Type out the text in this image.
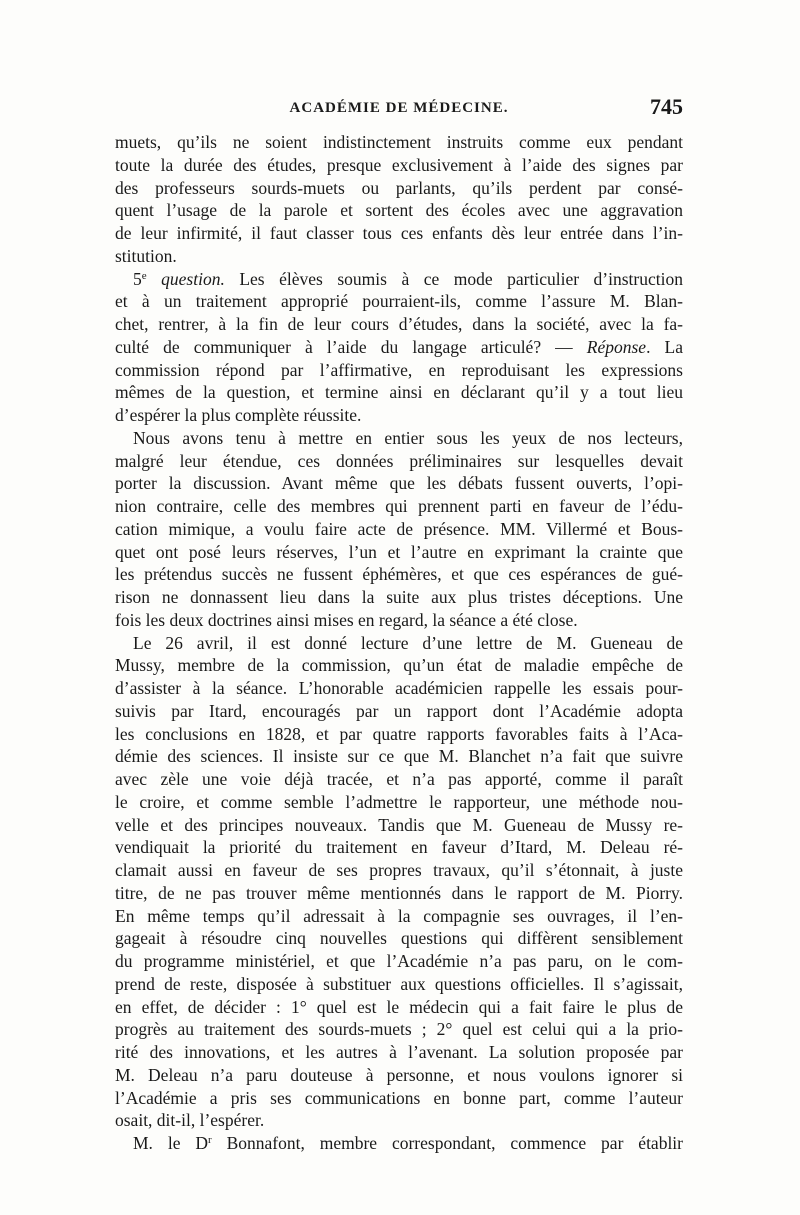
ACADÉMIE DE MÉDECINE.	745
muets, qu’ils ne soient indistinctement instruits comme eux pendant
toute la durée des études, presque exclusivement à l’aide des signes par
des professeurs sourds-muets ou parlants, qu’ils perdent par consé-
quent l’usage de la parole et sortent des écoles avec une aggravation
de leur infirmité, il faut classer tous ces enfants dès leur entrée dans l’in-
stitution.
5e question. Les élèves soumis à ce mode particulier d’instruction
et à un traitement approprié pourraient-ils, comme l’assure M. Blan-
chet, rentrer, à la fin de leur cours d’études, dans la société, avec la fa-
culté de communiquer à l’aide du langage articulé? — Réponse. La
commission répond par l’affirmative, en reproduisant les expressions
mêmes de la question, et termine ainsi en déclarant qu’il y a tout lieu
d’espérer la plus complète réussite.
Nous avons tenu à mettre en entier sous les yeux de nos lecteurs,
malgré leur étendue, ces données préliminaires sur lesquelles devait
porter la discussion. Avant même que les débats fussent ouverts, l’opi-
nion contraire, celle des membres qui prennent parti en faveur de l’édu-
cation mimique, a voulu faire acte de présence. MM. Villermé et Bous-
quet ont posé leurs réserves, l’un et l’autre en exprimant la crainte que
les prétendus succès ne fussent éphémères, et que ces espérances de gué-
rison ne donnassent lieu dans la suite aux plus tristes déceptions. Une
fois les deux doctrines ainsi mises en regard, la séance a été close.
Le 26 avril, il est donné lecture d’une lettre de M. Gueneau de
Mussy, membre de la commission, qu’un état de maladie empêche de
d’assister à la séance. L’honorable académicien rappelle les essais pour-
suivis par Itard, encouragés par un rapport dont l’Académie adopta
les conclusions en 1828, et par quatre rapports favorables faits à l’Aca-
démie des sciences. Il insiste sur ce que M. Blanchet n’a fait que suivre
avec zèle une voie déjà tracée, et n’a pas apporté, comme il paraît
le croire, et comme semble l’admettre le rapporteur, une méthode nou-
velle et des principes nouveaux. Tandis que M. Gueneau de Mussy re-
vendiquait la priorité du traitement en faveur d’Itard, M. Deleau ré-
clamait aussi en faveur de ses propres travaux, qu’il s’étonnait, à juste
titre, de ne pas trouver même mentionnés dans le rapport de M. Piorry.
En même temps qu’il adressait à la compagnie ses ouvrages, il l’en-
gageait à résoudre cinq nouvelles questions qui diffèrent sensiblement
du programme ministériel, et que l’Académie n’a pas paru, on le com-
prend de reste, disposée à substituer aux questions officielles. Il s’agissait,
en effet, de décider : 1° quel est le médecin qui a fait faire le plus de
progrès au traitement des sourds-muets ; 2° quel est celui qui a la prio-
rité des innovations, et les autres à l’avenant. La solution proposée par
M. Deleau n’a paru douteuse à personne, et nous voulons ignorer si
l’Académie a pris ses communications en bonne part, comme l’auteur
osait, dit-il, l’espérer.
M. le $D^r$ Bonnafont, membre correspondant, commence par établir
